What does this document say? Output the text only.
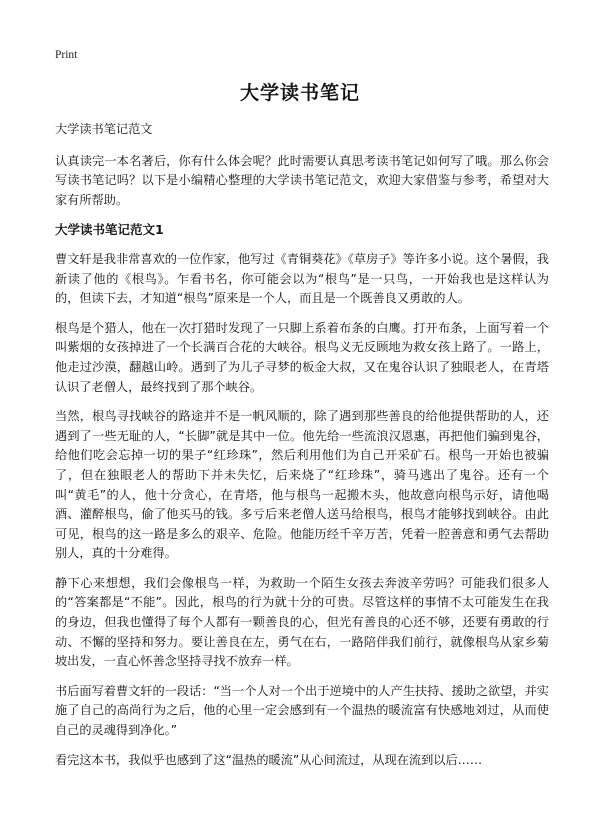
Print
大学读书笔记

大学读书笔记范文

认真读完一本名著后，你有什么体会呢？此时需要认真思考读书笔记如何写了哦。那么你会写读书笔记吗？以下是小编精心整理的大学读书笔记范文，欢迎大家借鉴与参考，希望对大家有所帮助。

大学读书笔记范文1

曹文轩是我非常喜欢的一位作家，他写过《青铜葵花》《草房子》等许多小说。这个暑假，我新读了他的《根鸟》。乍看书名，你可能会以为“根鸟”是一只鸟，一开始我也是这样认为的，但读下去，才知道“根鸟”原来是一个人，而且是一个既善良又勇敢的人。

根鸟是个猎人，他在一次打猎时发现了一只脚上系着布条的白鹰。打开布条，上面写着一个叫紫烟的女孩掉进了一个长满百合花的大峡谷。根鸟义无反顾地为救女孩上路了。一路上，他走过沙漠，翻越山岭。遇到了为儿子寻梦的板金大叔，又在鬼谷认识了独眼老人，在青塔认识了老僧人，最终找到了那个峡谷。

当然，根鸟寻找峡谷的路途并不是一帆风顺的，除了遇到那些善良的给他提供帮助的人，还遇到了一些无耻的人，“长脚”就是其中一位。他先给一些流浪汉恩惠，再把他们骗到鬼谷，给他们吃会忘掉一切的果子“红珍珠”，然后利用他们为自己开采矿石。根鸟一开始也被骗了，但在独眼老人的帮助下并未失忆，后来烧了“红珍珠”，骑马逃出了鬼谷。还有一个叫“黄毛”的人，他十分贪心，在青塔，他与根鸟一起搬木头，他故意向根鸟示好，请他喝酒、灌醉根鸟，偷了他买马的钱。多亏后来老僧人送马给根鸟，根鸟才能够找到峡谷。由此可见，根鸟的这一路是多么的艰辛、危险。他能历经千辛万苦，凭着一腔善意和勇气去帮助别人，真的十分难得。

静下心来想想，我们会像根鸟一样，为救助一个陌生女孩去奔波辛劳吗？可能我们很多人的“答案都是“不能”。因此，根鸟的行为就十分的可贵。尽管这样的事情不太可能发生在我的身边，但我也懂得了每个人都有一颗善良的心，但光有善良的心还不够，还要有勇敢的行动、不懈的坚持和努力。要让善良在左，勇气在右，一路陪伴我们前行，就像根鸟从家乡菊坡出发，一直心怀善念坚持寻找不放弃一样。

书后面写着曹文轩的一段话：“当一个人对一个出于逆境中的人产生扶持、援助之欲望，并实施了自己的高尚行为之后，他的心里一定会感到有一个温热的暖流富有快感地刘过，从而使自己的灵魂得到净化。”

看完这本书，我似乎也感到了这“温热的暖流”从心间流过，从现在流到以后……
